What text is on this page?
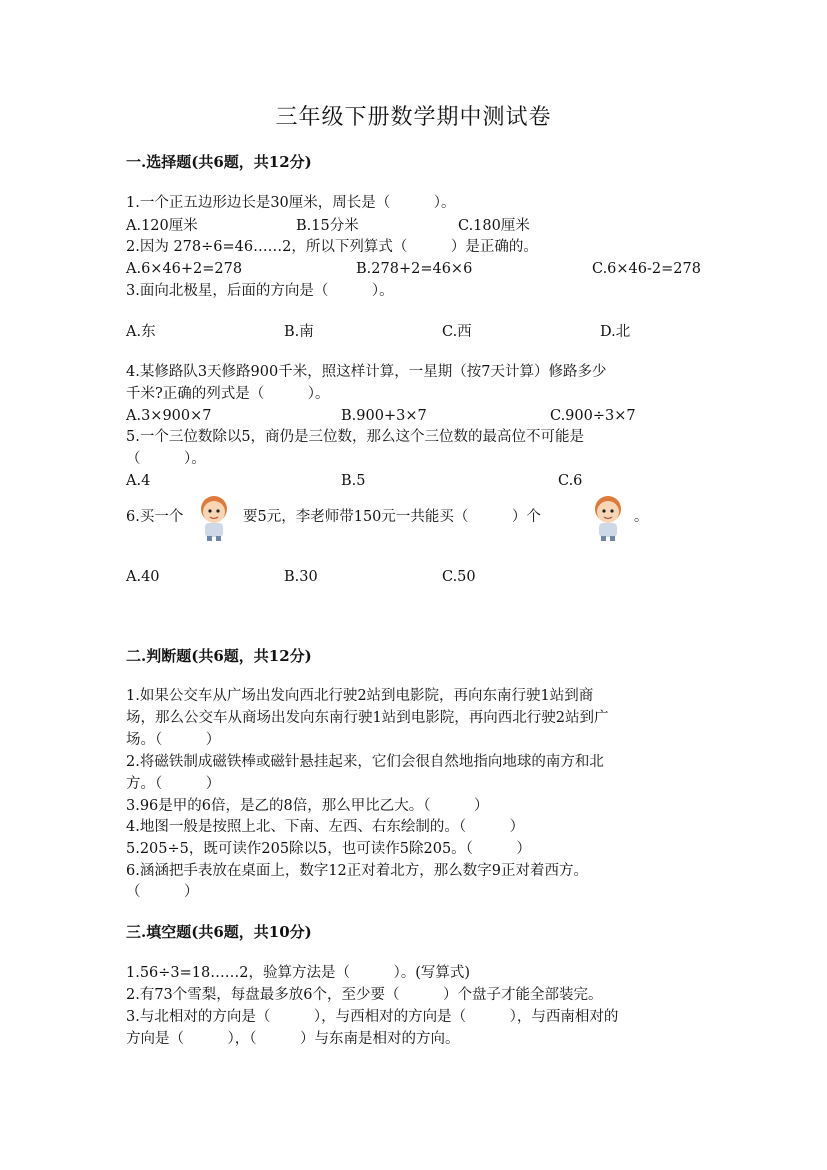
三年级下册数学期中测试卷
一.选择题(共6题，共12分)
1.一个正五边形边长是30厘米，周长是（　　　）。
A.120厘米	B.15分米	C.180厘米
2.因为 278÷6=46……2，所以下列算式（　　　）是正确的。
A.6×46+2=278	B.278+2=46×6	C.6×46-2=278
3.面向北极星，后面的方向是（　　　）。
A.东	B.南	C.西	D.北
4.某修路队3天修路900千米，照这样计算，一星期（按7天计算）修路多少
千米?正确的列式是（　　　）。
A.3×900×7	B.900+3×7	C.900÷3×7
5.一个三位数除以5，商仍是三位数，那么这个三位数的最高位不可能是
（　　　）。
A.4	B.5	C.6
6.买一个	要5元，李老师带150元一共能买（　　　）个	。
A.40	B.30	C.50
二.判断题(共6题，共12分)
1.如果公交车从广场出发向西北行驶2站到电影院，再向东南行驶1站到商
场，那么公交车从商场出发向东南行驶1站到电影院，再向西北行驶2站到广
场。（　　　）
2.将磁铁制成磁铁棒或磁针悬挂起来，它们会很自然地指向地球的南方和北
方。（　　　）
3.96是甲的6倍，是乙的8倍，那么甲比乙大。（　　　）
4.地图一般是按照上北、下南、左西、右东绘制的。（　　　）
5.205÷5，既可读作205除以5，也可读作5除205。（　　　）
6.涵涵把手表放在桌面上，数字12正对着北方，那么数字9正对着西方。
（　　　）
三.填空题(共6题，共10分)
1.56÷3=18……2，验算方法是（　　　）。(写算式)
2.有73个雪梨，每盘最多放6个，至少要（　　　）个盘子才能全部装完。
3.与北相对的方向是（　　　），与西相对的方向是（　　　），与西南相对的
方向是（　　　），（　　　）与东南是相对的方向。
